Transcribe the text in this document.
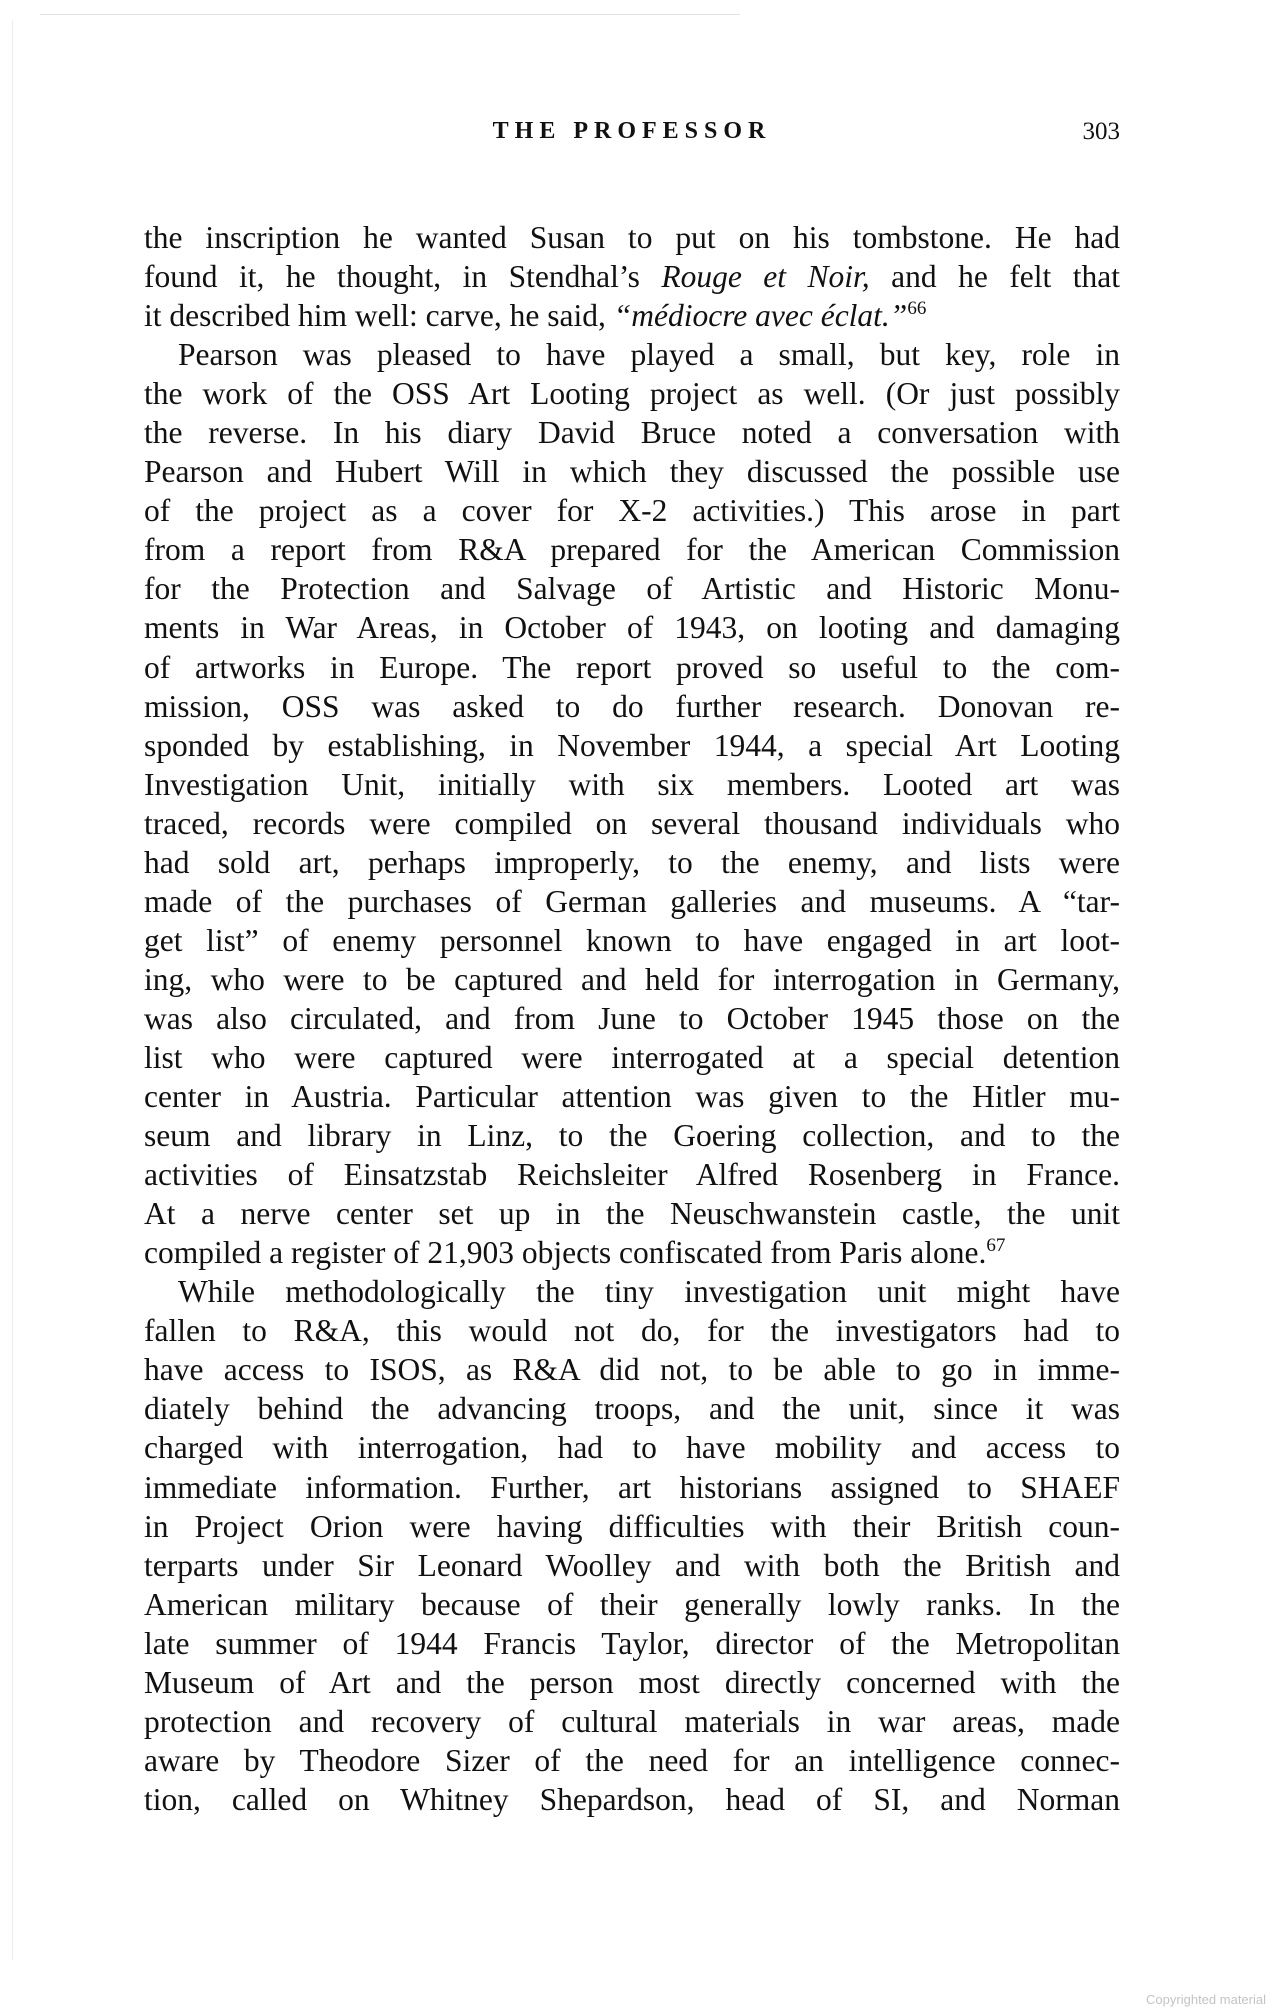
THE PROFESSOR	303
the inscription he wanted Susan to put on his tombstone. He had
found it, he thought, in Stendhal’s Rouge et Noir, and he felt that
it described him well: carve, he said, “médiocre avec éclat.”$^{66}$
Pearson was pleased to have played a small, but key, role in
the work of the OSS Art Looting project as well. (Or just possibly
the reverse. In his diary David Bruce noted a conversation with
Pearson and Hubert Will in which they discussed the possible use
of the project as a cover for X-2 activities.) This arose in part
from a report from R&A prepared for the American Commission
for the Protection and Salvage of Artistic and Historic Monu-
ments in War Areas, in October of 1943, on looting and damaging
of artworks in Europe. The report proved so useful to the com-
mission, OSS was asked to do further research. Donovan re-
sponded by establishing, in November 1944, a special Art Looting
Investigation Unit, initially with six members. Looted art was
traced, records were compiled on several thousand individuals who
had sold art, perhaps improperly, to the enemy, and lists were
made of the purchases of German galleries and museums. A “tar-
get list” of enemy personnel known to have engaged in art loot-
ing, who were to be captured and held for interrogation in Germany,
was also circulated, and from June to October 1945 those on the
list who were captured were interrogated at a special detention
center in Austria. Particular attention was given to the Hitler mu-
seum and library in Linz, to the Goering collection, and to the
activities of Einsatzstab Reichsleiter Alfred Rosenberg in France.
At a nerve center set up in the Neuschwanstein castle, the unit
compiled a register of 21,903 objects confiscated from Paris alone.$^{67}$
While methodologically the tiny investigation unit might have
fallen to R&A, this would not do, for the investigators had to
have access to ISOS, as R&A did not, to be able to go in imme-
diately behind the advancing troops, and the unit, since it was
charged with interrogation, had to have mobility and access to
immediate information. Further, art historians assigned to SHAEF
in Project Orion were having difficulties with their British coun-
terparts under Sir Leonard Woolley and with both the British and
American military because of their generally lowly ranks. In the
late summer of 1944 Francis Taylor, director of the Metropolitan
Museum of Art and the person most directly concerned with the
protection and recovery of cultural materials in war areas, made
aware by Theodore Sizer of the need for an intelligence connec-
tion, called on Whitney Shepardson, head of SI, and Norman
Copyrighted material
